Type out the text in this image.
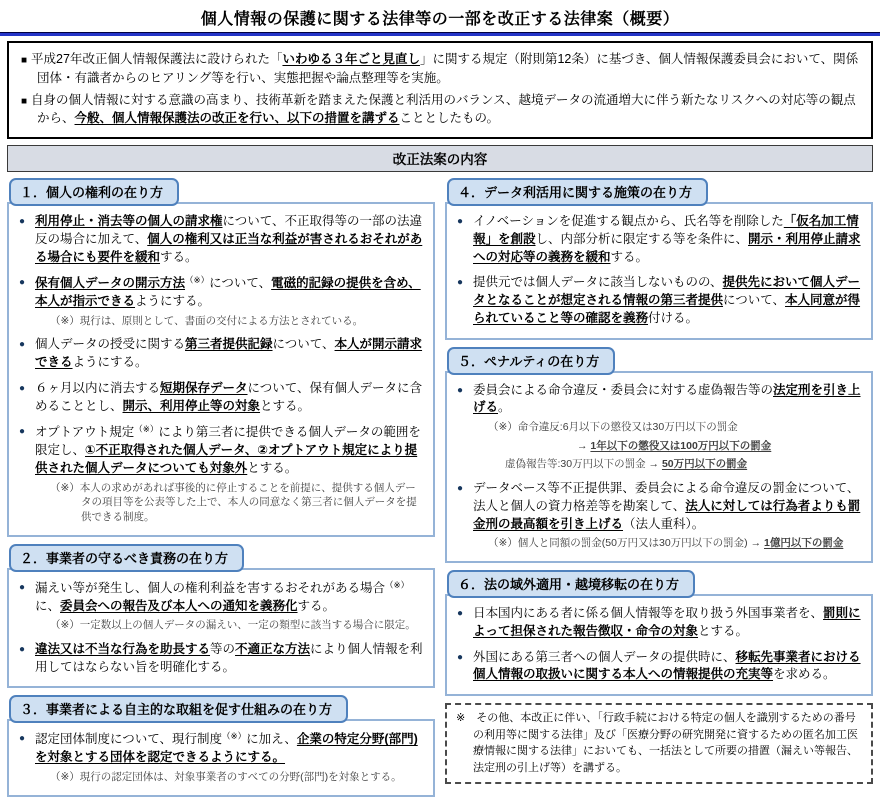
個人情報の保護に関する法律等の一部を改正する法律案（概要）

■ 平成27年改正個人情報保護法に設けられた「いわゆる３年ごと見直し」に関する規定（附則第12条）に基づき、個人情報保護委員会において、関係団体・有識者からのヒアリング等を行い、実態把握や論点整理等を実施。

■ 自身の個人情報に対する意識の高まり、技術革新を踏まえた保護と利活用のバランス、越境データの流通増大に伴う新たなリスクへの対応等の観点から、今般、個人情報保護法の改正を行い、以下の措置を講ずることとしたもの。

改正法案の内容
１．個人の権利の在り方
● 利用停止・消去等の個人の請求権について、不正取得等の一部の法違反の場合に加えて、個人の権利又は正当な利益が害されるおそれがある場合にも要件を緩和する。
● 保有個人データの開示方法（※）について、電磁的記録の提供を含め、本人が指示できるようにする。
（※）現行は、原則として、書面の交付による方法とされている。
● 個人データの授受に関する第三者提供記録について、本人が開示請求できるようにする。
● ６ヶ月以内に消去する短期保存データについて、保有個人データに含めることとし、開示、利用停止等の対象とする。
● オプトアウト規定（※）により第三者に提供できる個人データの範囲を限定し、①不正取得された個人データ、②オプトアウト規定により提供された個人データについても対象外とする。
（※）本人の求めがあれば事後的に停止することを前提に、提供する個人データの項目等を公表等した上で、本人の同意なく第三者に個人データを提供できる制度。
２．事業者の守るべき責務の在り方
● 漏えい等が発生し、個人の権利利益を害するおそれがある場合（※）に、委員会への報告及び本人への通知を義務化する。
（※）一定数以上の個人データの漏えい、一定の類型に該当する場合に限定。
● 違法又は不当な行為を助長する等の不適正な方法により個人情報を利用してはならない旨を明確化する。
３．事業者による自主的な取組を促す仕組みの在り方
● 認定団体制度について、現行制度（※）に加え、企業の特定分野(部門)を対象とする団体を認定できるようにする。
（※）現行の認定団体は、対象事業者のすべての分野(部門)を対象とする。
４．データ利活用に関する施策の在り方
● イノベーションを促進する観点から、氏名等を削除した「仮名加工情報」を創設し、内部分析に限定する等を条件に、開示・利用停止請求への対応等の義務を緩和する。
● 提供元では個人データに該当しないものの、提供先において個人データとなることが想定される情報の第三者提供について、本人同意が得られていること等の確認を義務付ける。
５．ペナルティの在り方
● 委員会による命令違反・委員会に対する虚偽報告等の法定刑を引き上げる。
（※）命令違反:6月以下の懲役又は30万円以下の罰金
→ 1年以下の懲役又は100万円以下の罰金
虚偽報告等:30万円以下の罰金 → 50万円以下の罰金
● データベース等不正提供罪、委員会による命令違反の罰金について、法人と個人の資力格差等を勘案して、法人に対しては行為者よりも罰金刑の最高額を引き上げる（法人重科）。
（※）個人と同額の罰金(50万円又は30万円以下の罰金) → 1億円以下の罰金
６．法の域外適用・越境移転の在り方
● 日本国内にある者に係る個人情報等を取り扱う外国事業者を、罰則によって担保された報告徴収・命令の対象とする。
● 外国にある第三者への個人データの提供時に、移転先事業者における個人情報の取扱いに関する本人への情報提供の充実等を求める。
※　その他、本改正に伴い、「行政手続における特定の個人を識別するための番号の利用等に関する法律」及び「医療分野の研究開発に資するための匿名加工医療情報に関する法律」においても、一括法として所要の措置（漏えい等報告、法定刑の引上げ等）を講ずる。
